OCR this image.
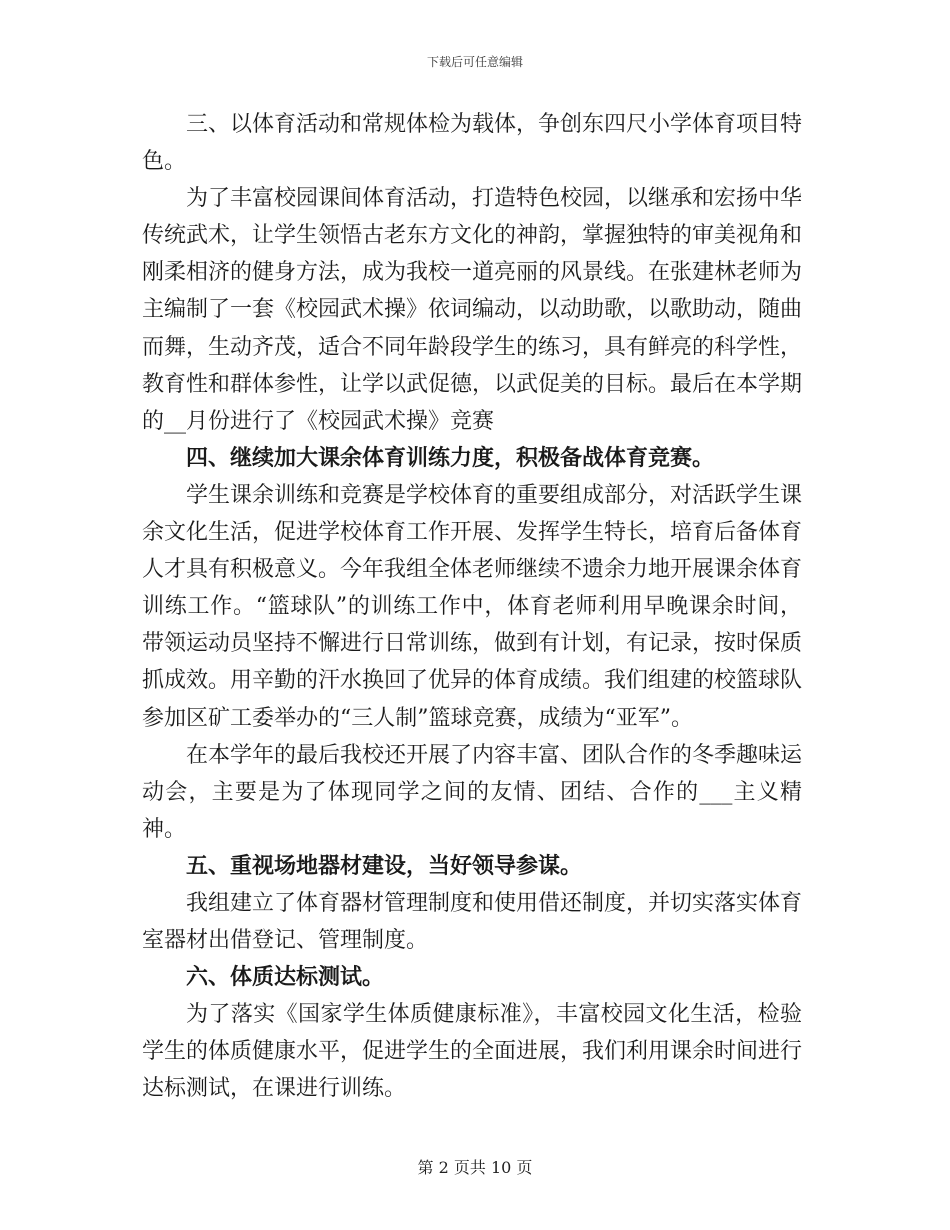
下载后可任意编辑

三、以体育活动和常规体检为载体，争创东四尺小学体育项目特色。

为了丰富校园课间体育活动，打造特色校园，以继承和宏扬中华传统武术，让学生领悟古老东方文化的神韵，掌握独特的审美视角和刚柔相济的健身方法，成为我校一道亮丽的风景线。在张建林老师为主编制了一套《校园武术操》依词编动，以动助歌，以歌助动，随曲而舞，生动齐茂，适合不同年龄段学生的练习，具有鲜亮的科学性，教育性和群体参性，让学以武促德，以武促美的目标。最后在本学期的__月份进行了《校园武术操》竞赛

四、继续加大课余体育训练力度，积极备战体育竞赛。

学生课余训练和竞赛是学校体育的重要组成部分，对活跃学生课余文化生活，促进学校体育工作开展、发挥学生特长，培育后备体育人才具有积极意义。今年我组全体老师继续不遗余力地开展课余体育训练工作。“篮球队”的训练工作中，体育老师利用早晚课余时间，带领运动员坚持不懈进行日常训练，做到有计划，有记录，按时保质抓成效。用辛勤的汗水换回了优异的体育成绩。我们组建的校篮球队参加区矿工委举办的“三人制”篮球竞赛，成绩为“亚军”。

在本学年的最后我校还开展了内容丰富、团队合作的冬季趣味运动会，主要是为了体现同学之间的友情、团结、合作的___主义精神。

五、重视场地器材建设，当好领导参谋。

我组建立了体育器材管理制度和使用借还制度，并切实落实体育室器材出借登记、管理制度。

六、体质达标测试。

为了落实《国家学生体质健康标准》，丰富校园文化生活，检验学生的体质健康水平，促进学生的全面进展，我们利用课余时间进行达标测试，在课进行训练。

第 2 页共 10 页
